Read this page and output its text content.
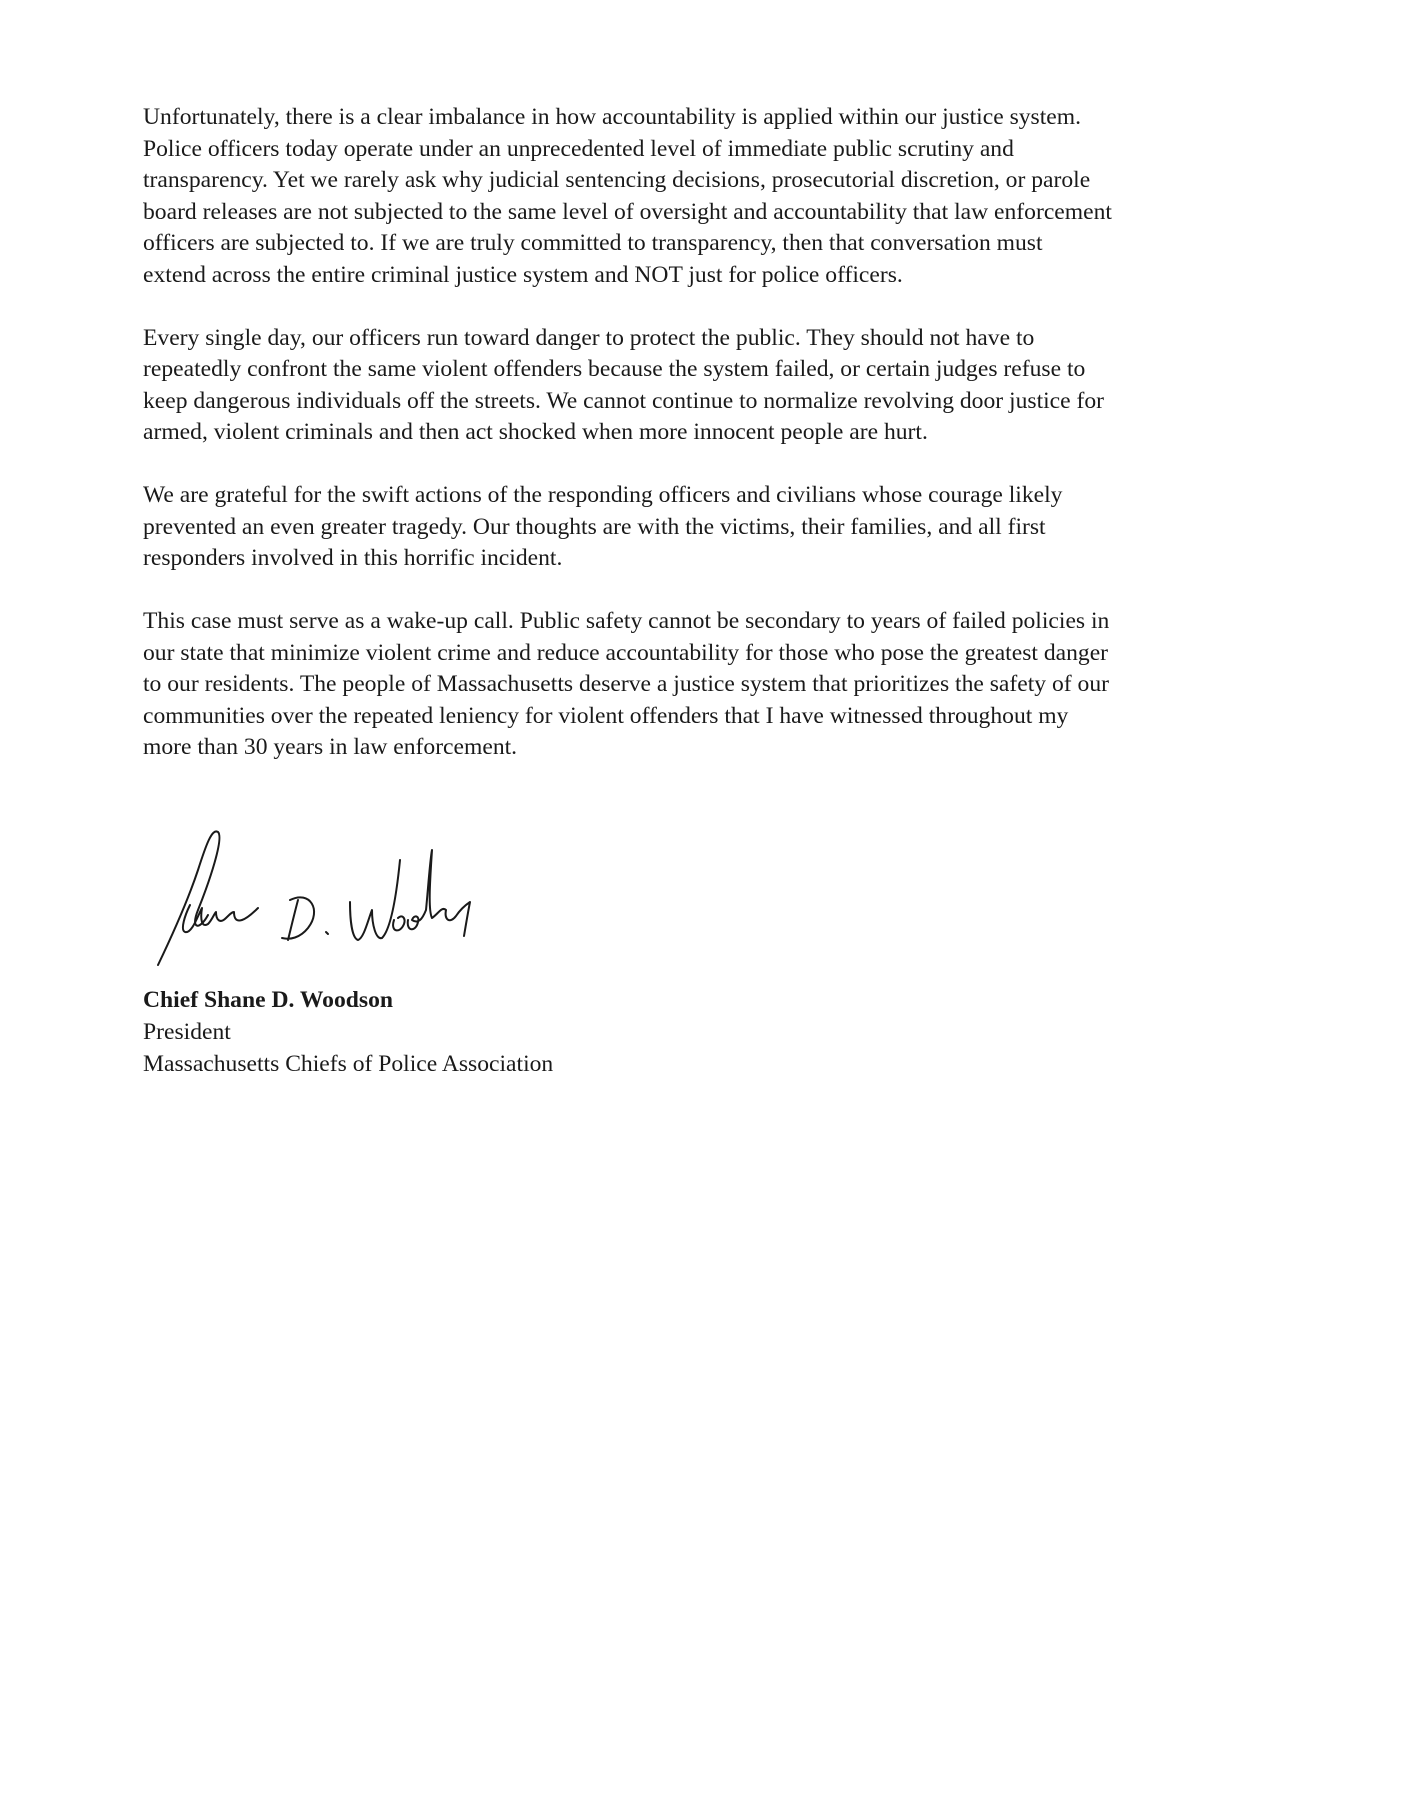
Unfortunately, there is a clear imbalance in how accountability is applied within our justice system.
Police officers today operate under an unprecedented level of immediate public scrutiny and
transparency. Yet we rarely ask why judicial sentencing decisions, prosecutorial discretion, or parole
board releases are not subjected to the same level of oversight and accountability that law enforcement
officers are subjected to. If we are truly committed to transparency, then that conversation must
extend across the entire criminal justice system and NOT just for police officers.

Every single day, our officers run toward danger to protect the public. They should not have to
repeatedly confront the same violent offenders because the system failed, or certain judges refuse to
keep dangerous individuals off the streets. We cannot continue to normalize revolving door justice for
armed, violent criminals and then act shocked when more innocent people are hurt.

We are grateful for the swift actions of the responding officers and civilians whose courage likely
prevented an even greater tragedy. Our thoughts are with the victims, their families, and all first
responders involved in this horrific incident.

This case must serve as a wake-up call. Public safety cannot be secondary to years of failed policies in
our state that minimize violent crime and reduce accountability for those who pose the greatest danger
to our residents. The people of Massachusetts deserve a justice system that prioritizes the safety of our
communities over the repeated leniency for violent offenders that I have witnessed throughout my
more than 30 years in law enforcement.

Chief Shane D. Woodson
President
Massachusetts Chiefs of Police Association
